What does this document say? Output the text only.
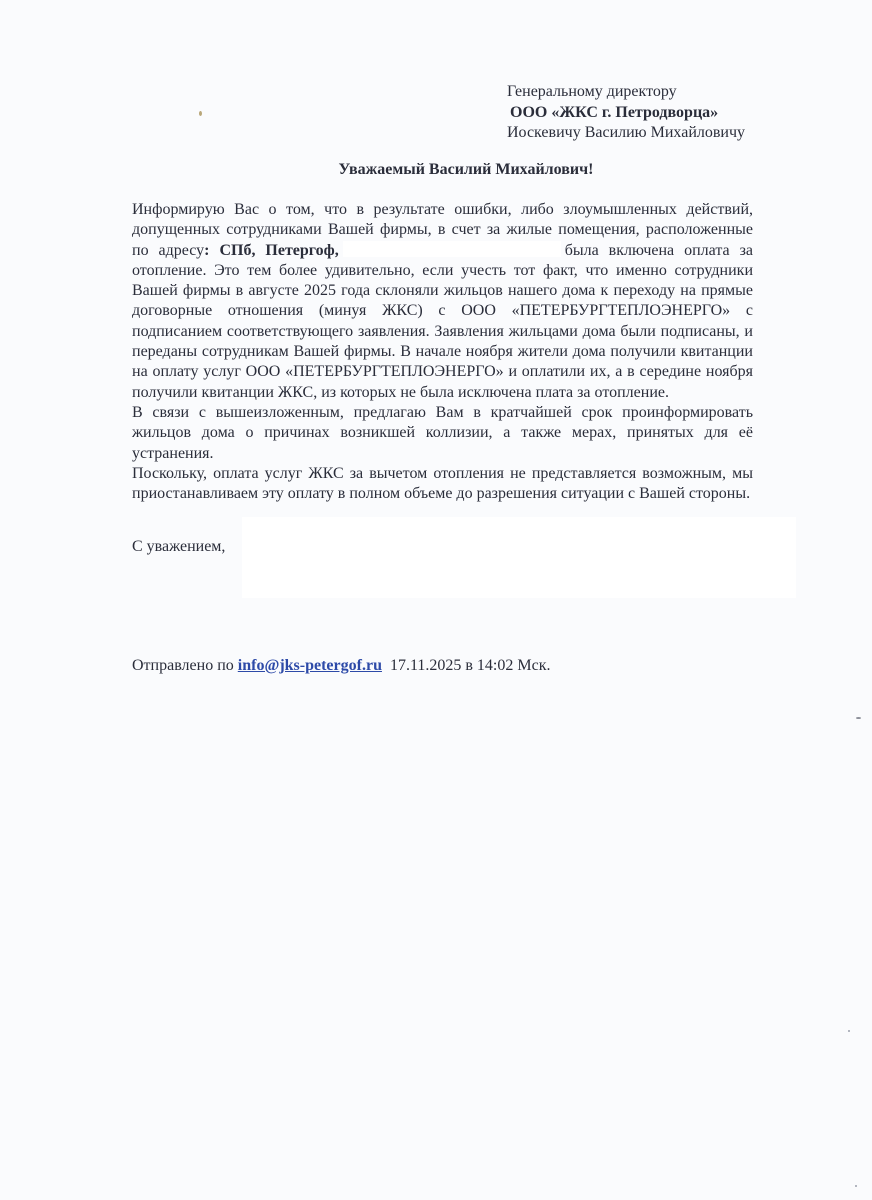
Генеральному директору
ООО «ЖКС г. Петродворца»
Иоскевичу Василию Михайловичу
Уважаемый Василий Михайлович!

Информирую Вас о том, что в результате ошибки, либо злоумышленных действий, допущенных сотрудниками Вашей фирмы, в счет за жилые помещения, расположенные по адресу: СПб, Петергоф,	была включена оплата за отопление. Это тем более удивительно, если учесть тот факт, что именно сотрудники Вашей фирмы в августе 2025 года склоняли жильцов нашего дома к переходу на прямые договорные отношения (минуя ЖКС) с ООО «ПЕТЕРБУРГТЕПЛОЭНЕРГО» с подписанием соответствующего заявления. Заявления жильцами дома были подписаны, и переданы сотрудникам Вашей фирмы. В начале ноября жители дома получили квитанции на оплату услуг ООО «ПЕТЕРБУРГТЕПЛОЭНЕРГО» и оплатили их, а в середине ноября получили квитанции ЖКС, из которых не была исключена плата за отопление.

В связи с вышеизложенным, предлагаю Вам в кратчайшей срок проинформировать жильцов дома о причинах возникшей коллизии, а также мерах, принятых для её устранения.

Поскольку, оплата услуг ЖКС за вычетом отопления не представляется возможным, мы приостанавливаем эту оплату в полном объеме до разрешения ситуации с Вашей стороны.

С уважением,
Отправлено по info@jks-petergof.ru 17.11.2025 в 14:02 Мск.
